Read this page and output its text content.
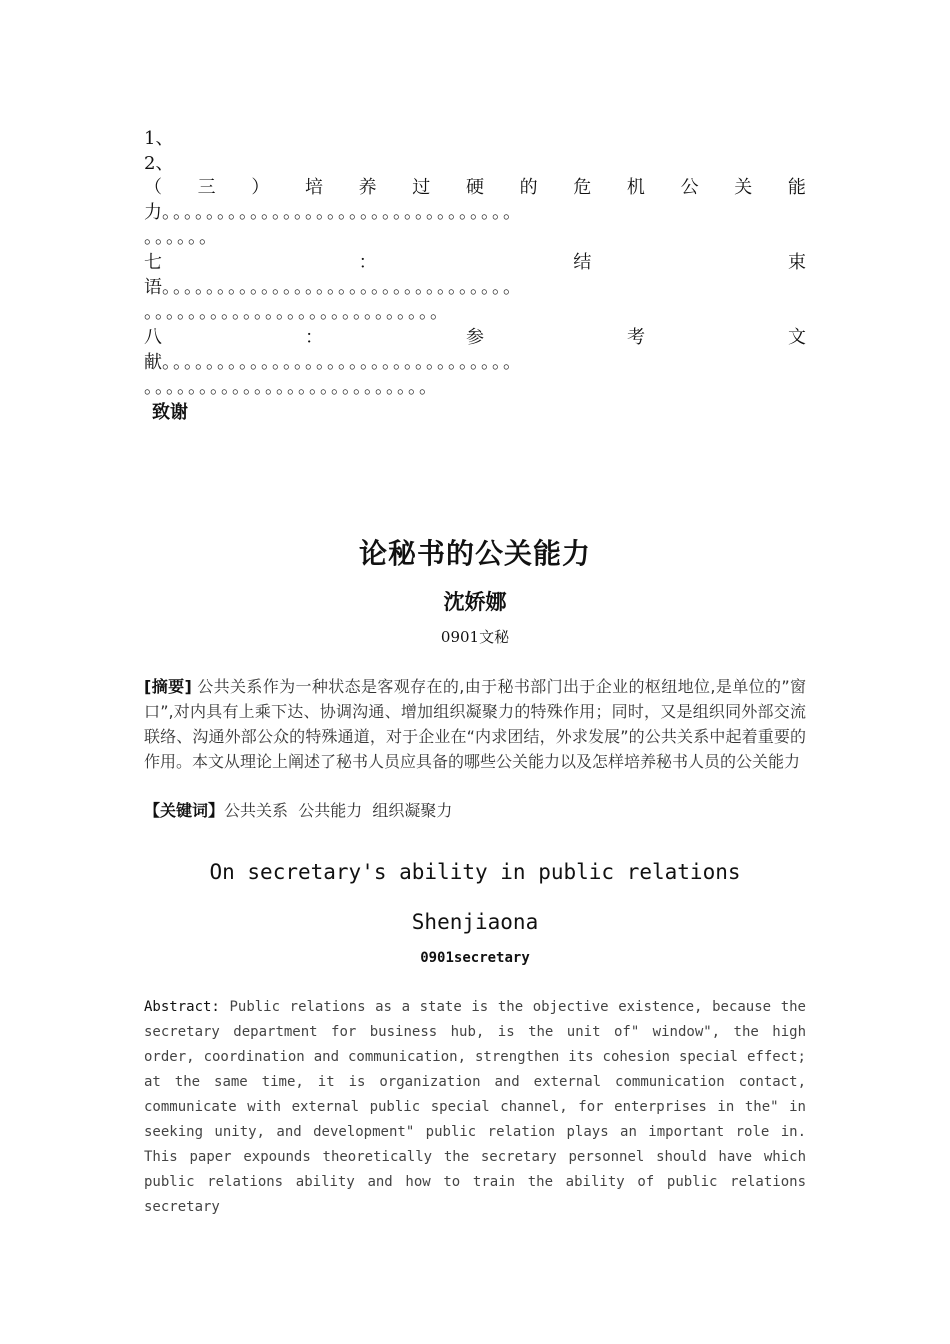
1、
2、
（ 三 ） 培 养 过 硬 的 危 机 公 关 能
力。。。。。。。。。。。。。。。。。。。。。。。。。。。。。。。。
。。。。。。
七	：	结	束
语。。。。。。。。。。。。。。。。。。。。。。。。。。。。。。。。
。。。。。。。。。。。。。。。。。。。。。。。。。。。
八	：	参	考	文
献。。。。。。。。。。。。。。。。。。。。。。。。。。。。。。。。
。。。。。。。。。。。。。。。。。。。。。。。。。。
致谢
论秘书的公关能力
沈娇娜
0901文秘
[摘要] 公共关系作为一种状态是客观存在的,由于秘书部门出于企业的枢纽地位,是单位的”窗口”,对内具有上乘下达、协调沟通、增加组织凝聚力的特殊作用；同时，又是组织同外部交流联络、沟通外部公众的特殊通道，对于企业在“内求团结，外求发展”的公共关系中起着重要的作用。本文从理论上阐述了秘书人员应具备的哪些公关能力以及怎样培养秘书人员的公关能力
【关键词】公共关系  公共能力  组织凝聚力
On secretary's ability in public relations
Shenjiaona
0901secretary
Abstract: Public relations as a state is the objective existence, because the secretary department for business hub, is the unit of" window", the high order, coordination and communication, strengthen its cohesion special effect; at the same time, it is organization and external communication contact, communicate with external public special channel, for enterprises in the" in seeking unity, and development" public relation plays an important role in. This paper expounds theoretically the secretary personnel should have which public relations ability and how to train the ability of public relations secretary
